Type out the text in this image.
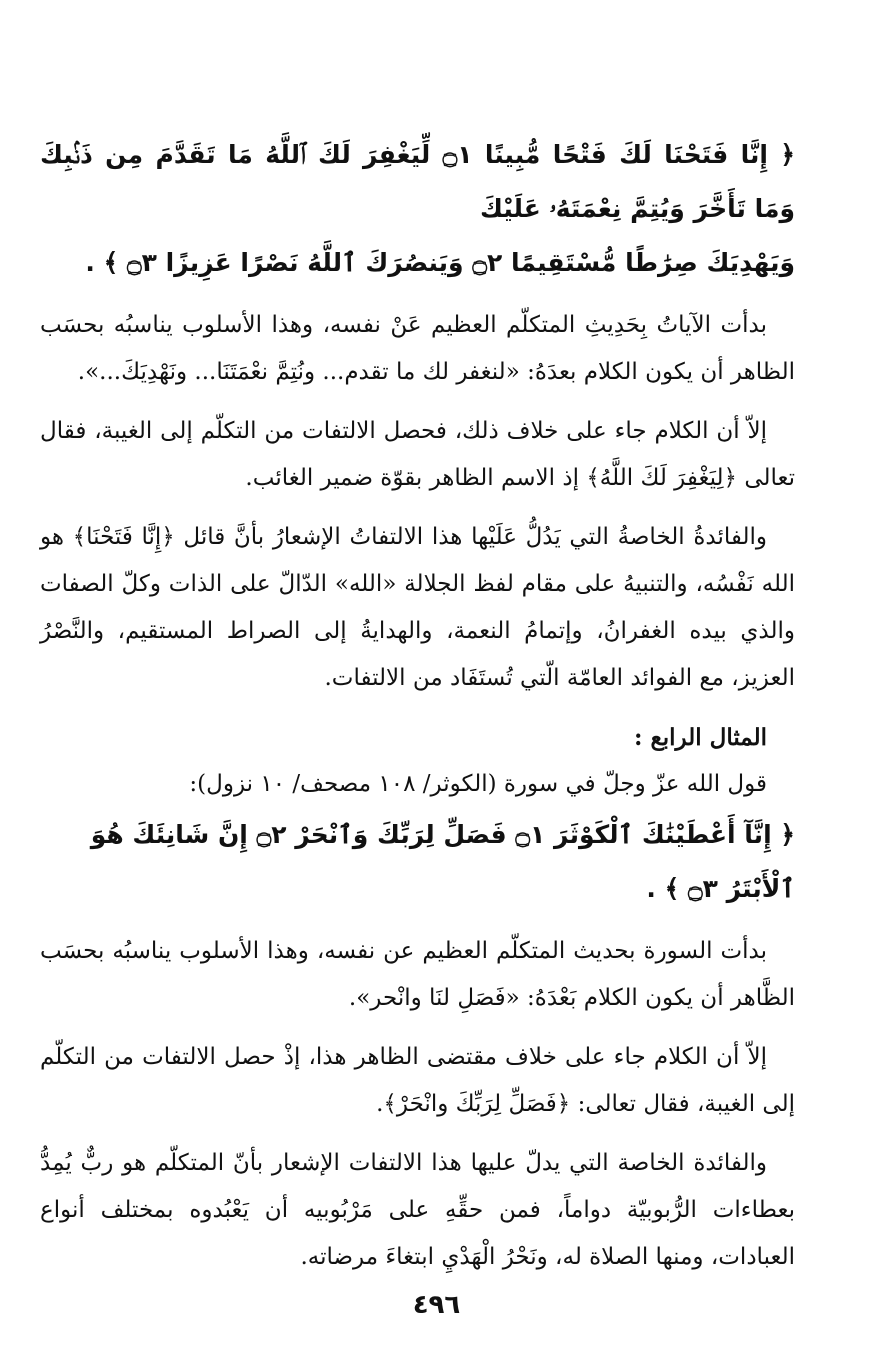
﴿ إِنَّا فَتَحْنَا لَكَ فَتْحًا مُّبِينًا ۝١ لِّيَغْفِرَ لَكَ ٱللَّهُ مَا تَقَدَّمَ مِن ذَنۢبِكَ وَمَا تَأَخَّرَ وَيُتِمَّ نِعْمَتَهُۥ عَلَيْكَ
وَيَهْدِيَكَ صِرَٰطًا مُّسْتَقِيمًا ۝٢ وَيَنصُرَكَ ٱللَّهُ نَصْرًا عَزِيزًا ۝٣ ﴾ .

بدأت الآياتُ بِحَدِيثِ المتكلّم العظيم عَنْ نفسه، وهذا الأسلوب يناسبُه بحسَب الظاهر أن يكون الكلام بعدَهُ: «لنغفر لك ما تقدم... ونُتِمَّ نعْمَتَنَا... ونَهْدِيَكَ...».

إلاّ أن الكلام جاء على خلاف ذلك، فحصل الالتفات من التكلّم إلى الغيبة، فقال تعالى ﴿لِيَغْفِرَ لَكَ اللَّهُ﴾ إذ الاسم الظاهر بقوّة ضمير الغائب.

والفائدةُ الخاصةُ التي يَدُلُّ عَلَيْها هذا الالتفاتُ الإشعارُ بأنَّ قائل ﴿إِنَّا فَتَحْنَا﴾ هو الله نَفْسُه، والتنبيهُ على مقام لفظ الجلالة «الله» الدّالّ على الذات وكلّ الصفات والذي بيده الغفرانُ، وإتمامُ النعمة، والهدايةُ إلى الصراط المستقيم، والنَّصْرُ العزيز، مع الفوائد العامّة الّتي تُستَفَاد من الالتفات.

المثال الرابع :

قول الله عزّ وجلّ في سورة (الكوثر/ ١٠٨ مصحف/ ١٠ نزول):

﴿ إِنَّآ أَعْطَيْنَٰكَ ٱلْكَوْثَرَ ۝١ فَصَلِّ لِرَبِّكَ وَٱنْحَرْ ۝٢ إِنَّ شَانِئَكَ هُوَ
ٱلْأَبْتَرُ ۝٣ ﴾ .

بدأت السورة بحديث المتكلّم العظيم عن نفسه، وهذا الأسلوب يناسبُه بحسَب الظَّاهر أن يكون الكلام بَعْدَهُ: «فَصَلِ لنَا وانْحر».

إلاّ أن الكلام جاء على خلاف مقتضى الظاهر هذا، إذْ حصل الالتفات من التكلّم إلى الغيبة، فقال تعالى: ﴿فَصَلِّ لِرَبِّكَ وانْحَرْ﴾.

والفائدة الخاصة التي يدلّ عليها هذا الالتفات الإشعار بأنّ المتكلّم هو ربٌّ يُمِدُّ بعطاءات الرُّبوبيّة دواماً، فمن حقِّهِ على مَرْبُوبيه أن يَعْبُدوه بمختلف أنواع العبادات، ومنها الصلاة له، ونَحْرُ الْهَدْيِ ابتغاءَ مرضاته.

٤٩٦
